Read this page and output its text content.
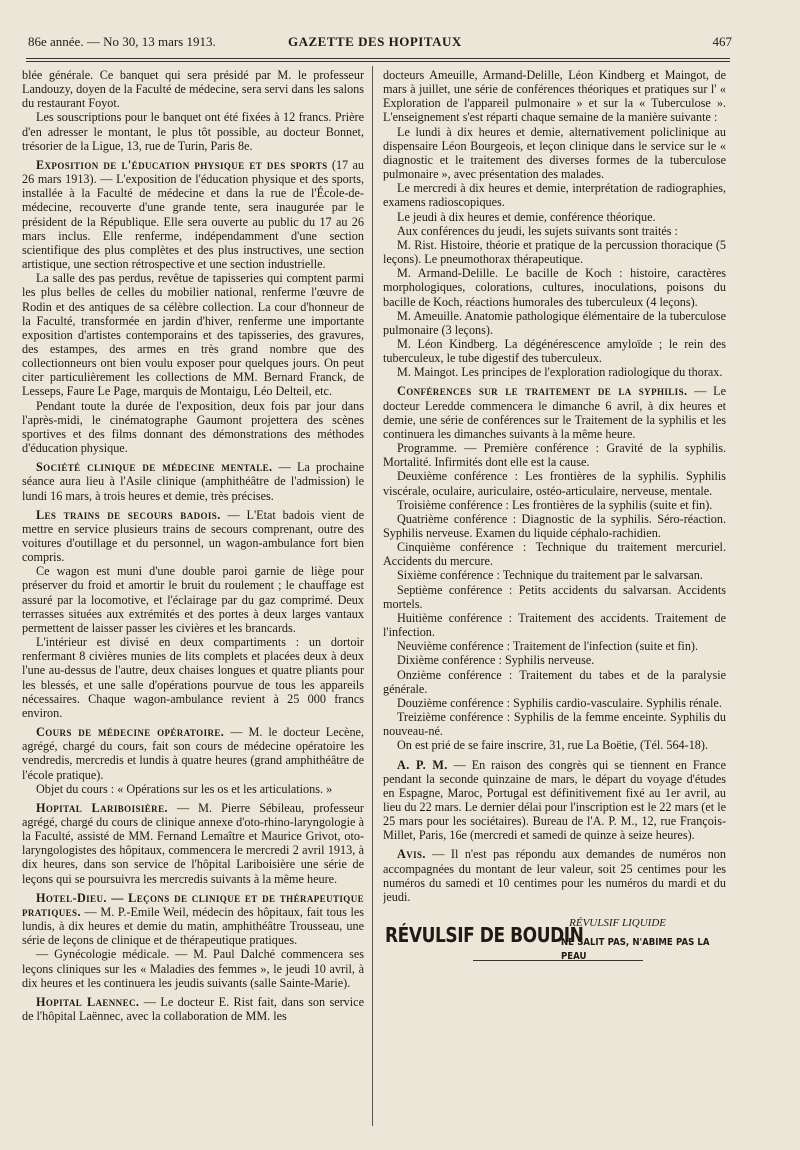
86e année. — No 30, 13 mars 1913.	GAZETTE DES HOPITAUX	467

blée générale. Ce banquet qui sera présidé par M. le professeur Landouzy, doyen de la Faculté de médecine, sera servi dans les salons du restaurant Foyot.

Les souscriptions pour le banquet ont été fixées à 12 francs. Prière d'en adresser le montant, le plus tôt possible, au docteur Bonnet, trésorier de la Ligue, 13, rue de Turin, Paris 8e.

Exposition de l'éducation physique et des sports (17 au 26 mars 1913). — L'exposition de l'éducation physique et des sports, installée à la Faculté de médecine et dans la rue de l'École-de-médecine, recouverte d'une grande tente, sera inaugurée par le président de la République. Elle sera ouverte au public du 17 au 26 mars inclus. Elle renferme, indépendamment d'une section scientifique des plus complètes et des plus instructives, une section artistique, une section rétrospective et une section industrielle.

La salle des pas perdus, revêtue de tapisseries qui comptent parmi les plus belles de celles du mobilier national, renferme l'œuvre de Rodin et des antiques de sa célèbre collection. La cour d'honneur de la Faculté, transformée en jardin d'hiver, renferme une importante exposition d'artistes contemporains et des tapisseries, des gravures, des estampes, des armes en très grand nombre que des collectionneurs ont bien voulu exposer pour quelques jours. On peut citer particulièrement les collections de MM. Bernard Franck, de Lesseps, Faure Le Page, marquis de Montaigu, Léo Delteil, etc.

Pendant toute la durée de l'exposition, deux fois par jour dans l'après-midi, le cinématographe Gaumont projettera des scènes sportives et des films donnant des démonstrations des méthodes d'éducation physique.

Société clinique de médecine mentale. — La prochaine séance aura lieu à l'Asile clinique (amphithéâtre de l'admission) le lundi 16 mars, à trois heures et demie, très précises.

Les trains de secours badois. — L'Etat badois vient de mettre en service plusieurs trains de secours comprenant, outre des voitures d'outillage et du personnel, un wagon-ambulance fort bien compris.

Ce wagon est muni d'une double paroi garnie de liège pour préserver du froid et amortir le bruit du roulement ; le chauffage est assuré par la locomotive, et l'éclairage par du gaz comprimé. Deux terrasses situées aux extrémités et des portes à deux larges vantaux permettent de laisser passer les civières et les brancards.

L'intérieur est divisé en deux compartiments : un dortoir renfermant 8 civières munies de lits complets et placées deux à deux l'une au-dessus de l'autre, deux chaises longues et quatre pliants pour les blessés, et une salle d'opérations pourvue de tous les appareils nécessaires. Chaque wagon-ambulance revient à 25 000 francs environ.

Cours de médecine opératoire. — M. le docteur Lecène, agrégé, chargé du cours, fait son cours de médecine opératoire les vendredis, mercredis et lundis à quatre heures (grand amphithéâtre de l'école pratique).

Objet du cours : « Opérations sur les os et les articulations. »

Hopital Lariboisière. — M. Pierre Sébileau, professeur agrégé, chargé du cours de clinique annexe d'oto-rhino-laryngologie à la Faculté, assisté de MM. Fernand Lemaître et Maurice Grivot, oto-laryngologistes des hôpitaux, commencera le mercredi 2 avril 1913, à dix heures, dans son service de l'hôpital Lariboisière une série de leçons qui se poursuivra les mercredis suivants à la même heure.

Hotel-Dieu. — Leçons de clinique et de thérapeutique pratiques. — M. P.-Emile Weil, médecin des hôpitaux, fait tous les lundis, à dix heures et demie du matin, amphithéâtre Trousseau, une série de leçons de clinique et de thérapeutique pratiques.

— Gynécologie médicale. — M. Paul Dalché commencera ses leçons cliniques sur les « Maladies des femmes », le jeudi 10 avril, à dix heures et les continuera les jeudis suivants (salle Sainte-Marie).

Hopital Laennec. — Le docteur E. Rist fait, dans son service de l'hôpital Laënnec, avec la collaboration de MM. les

docteurs Ameuille, Armand-Delille, Léon Kindberg et Maingot, de mars à juillet, une série de conférences théoriques et pratiques sur l' « Exploration de l'appareil pulmonaire » et sur la « Tuberculose ». L'enseignement s'est réparti chaque semaine de la manière suivante :

Le lundi à dix heures et demie, alternativement policlinique au dispensaire Léon Bourgeois, et leçon clinique dans le service sur le « diagnostic et le traitement des diverses formes de la tuberculose pulmonaire », avec présentation des malades.

Le mercredi à dix heures et demie, interprétation de radiographies, examens radioscopiques.

Le jeudi à dix heures et demie, conférence théorique.

Aux conférences du jeudi, les sujets suivants sont traités :

M. Rist. Histoire, théorie et pratique de la percussion thoracique (5 leçons). Le pneumothorax thérapeutique.

M. Armand-Delille. Le bacille de Koch : histoire, caractères morphologiques, colorations, cultures, inoculations, poisons du bacille de Koch, réactions humorales des tuberculeux (4 leçons).

M. Ameuille. Anatomie pathologique élémentaire de la tuberculose pulmonaire (3 leçons).

M. Léon Kindberg. La dégénérescence amyloïde ; le rein des tuberculeux, le tube digestif des tuberculeux.

M. Maingot. Les principes de l'exploration radiologique du thorax.

Conférences sur le traitement de la syphilis. — Le docteur Leredde commencera le dimanche 6 avril, à dix heures et demie, une série de conférences sur le Traitement de la syphilis et les continuera les dimanches suivants à la même heure.

Programme. — Première conférence : Gravité de la syphilis. Mortalité. Infirmités dont elle est la cause.

Deuxième conférence : Les frontières de la syphilis. Syphilis viscérale, oculaire, auriculaire, ostéo-articulaire, nerveuse, mentale.

Troisième conférence : Les frontières de la syphilis (suite et fin).

Quatrième conférence : Diagnostic de la syphilis. Séro-réaction. Syphilis nerveuse. Examen du liquide céphalo-rachidien.

Cinquième conférence : Technique du traitement mercuriel. Accidents du mercure.

Sixième conférence : Technique du traitement par le salvarsan.

Septième conférence : Petits accidents du salvarsan. Accidents mortels.

Huitième conférence : Traitement des accidents. Traitement de l'infection.

Neuvième conférence : Traitement de l'infection (suite et fin).

Dixième conférence : Syphilis nerveuse.

Onzième conférence : Traitement du tabes et de la paralysie générale.

Douzième conférence : Syphilis cardio-vasculaire. Syphilis rénale.

Treizième conférence : Syphilis de la femme enceinte. Syphilis du nouveau-né.

On est prié de se faire inscrire, 31, rue La Boëtie, (Tél. 564-18).

A. P. M. — En raison des congrès qui se tiennent en France pendant la seconde quinzaine de mars, le départ du voyage d'études en Espagne, Maroc, Portugal est définitivement fixé au 1er avril, au lieu du 22 mars. Le dernier délai pour l'inscription est le 22 mars (et le 25 mars pour les sociétaires). Bureau de l'A. P. M., 12, rue François-Millet, Paris, 16e (mercredi et samedi de quinze à seize heures).

Avis. — Il n'est pas répondu aux demandes de numéros non accompagnées du montant de leur valeur, soit 25 centimes pour les numéros du samedi et 10 centimes pour les numéros du mardi et du jeudi.

RÉVULSIF LIQUIDE
RÉVULSIF DE BOUDIN
NE SALIT PAS, N'ABIME PAS LA PEAU
